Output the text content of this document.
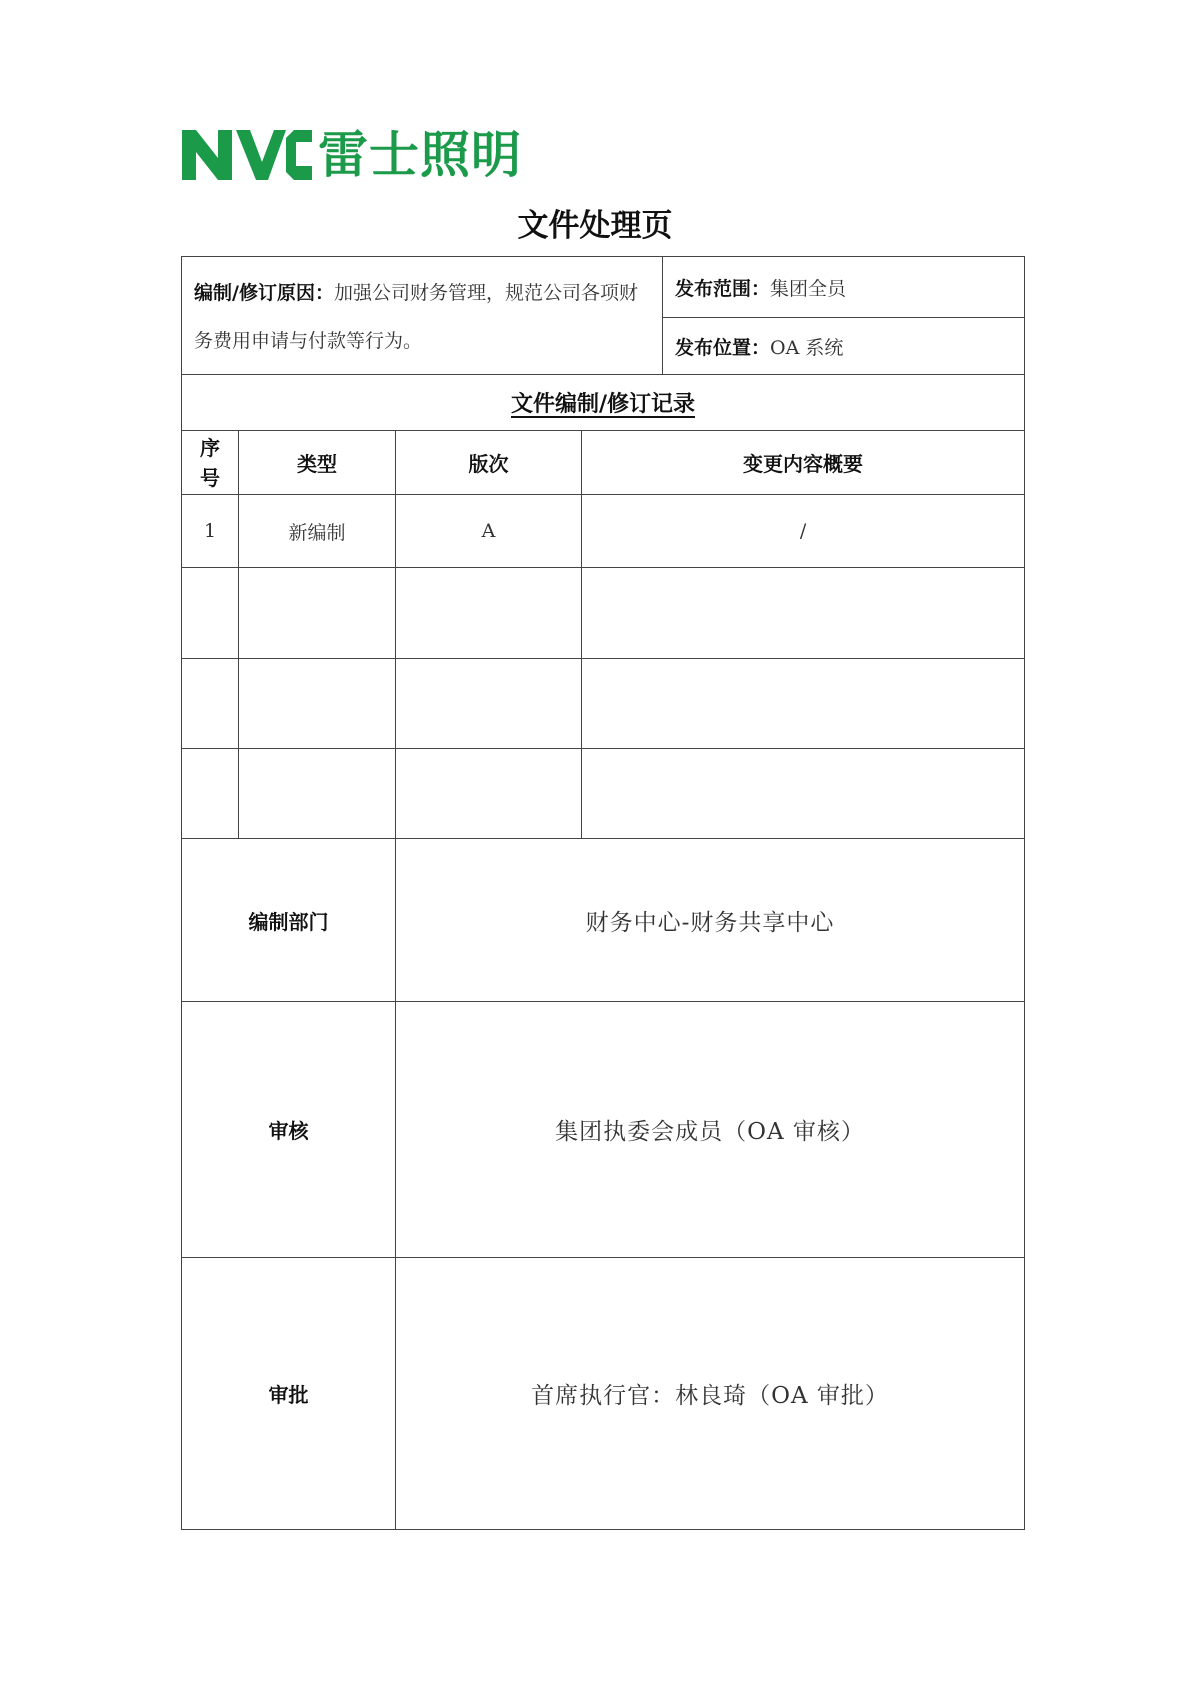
雷士照明
文件处理页
编制/修订原因：加强公司财务管理，规范公司各项财务费用申请与付款等行为。				发布范围：集团全员
				发布位置：OA 系统
文件编制/修订记录				
序
号	类型	版次	变更内容概要	
1	新编制	A	/	

编制部门		财务中心-财务共享中心		
审核		集团执委会成员（OA 审核）		
审批		首席执行官：林良琦（OA 审批）		
